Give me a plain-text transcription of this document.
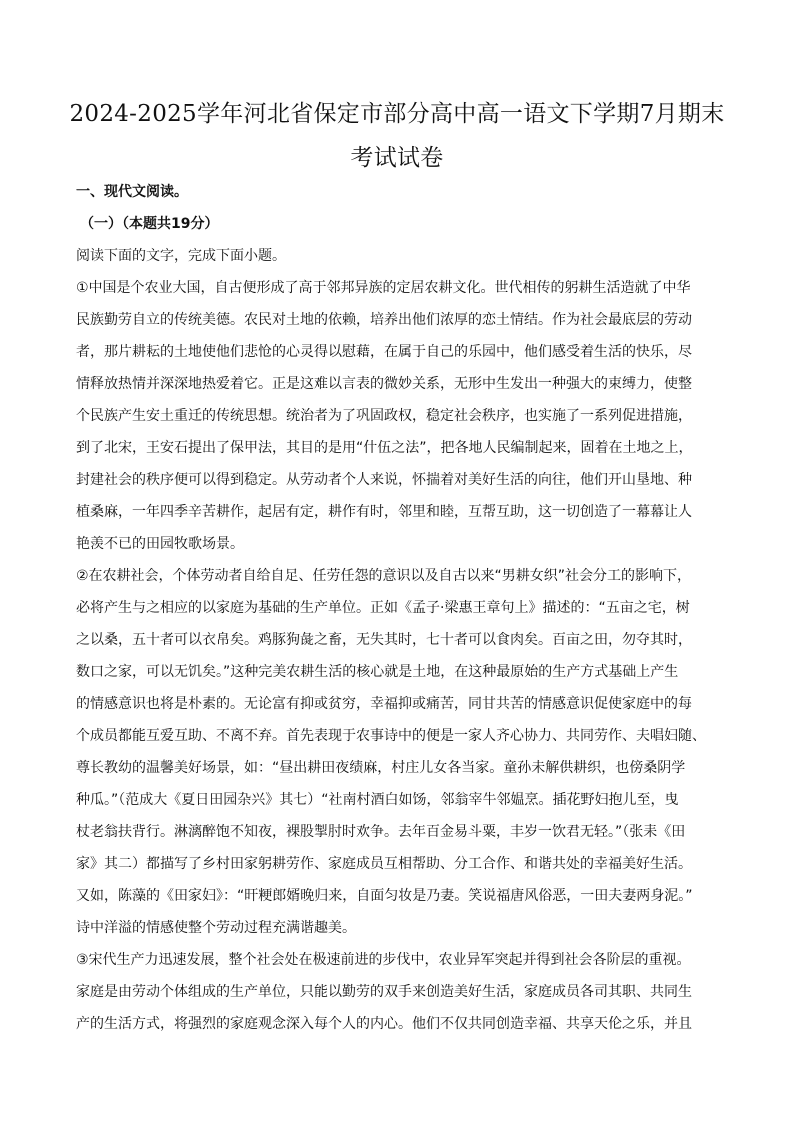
2024-2025学年河北省保定市部分高中高一语文下学期7月期末
考试试卷
一、现代文阅读。
（一）（本题共19分）
阅读下面的文字，完成下面小题。
①中国是个农业大国，自古便形成了高于邻邦异族的定居农耕文化。世代相传的躬耕生活造就了中华
民族勤劳自立的传统美德。农民对土地的依赖，培养出他们浓厚的恋土情结。作为社会最底层的劳动
者，那片耕耘的土地使他们悲怆的心灵得以慰藉，在属于自己的乐园中，他们感受着生活的快乐，尽
情释放热情并深深地热爱着它。正是这难以言表的微妙关系，无形中生发出一种强大的束缚力，使整
个民族产生安土重迁的传统思想。统治者为了巩固政权，稳定社会秩序，也实施了一系列促进措施，
到了北宋，王安石提出了保甲法，其目的是用“什伍之法”，把各地人民编制起来，固着在土地之上，
封建社会的秩序便可以得到稳定。从劳动者个人来说，怀揣着对美好生活的向往，他们开山垦地、种
植桑麻，一年四季辛苦耕作，起居有定，耕作有时，邻里和睦，互帮互助，这一切创造了一幕幕让人
艳羡不已的田园牧歌场景。
②在农耕社会，个体劳动者自给自足、任劳任怨的意识以及自古以来“男耕女织”社会分工的影响下，
必将产生与之相应的以家庭为基础的生产单位。正如《孟子·梁惠王章句上》描述的：“五亩之宅，树
之以桑，五十者可以衣帛矣。鸡豚狗彘之畜，无失其时，七十者可以食肉矣。百亩之田，勿夺其时，
数口之家，可以无饥矣。”这种完美农耕生活的核心就是土地，在这种最原始的生产方式基础上产生
的情感意识也将是朴素的。无论富有抑或贫穷，幸福抑或痛苦，同甘共苦的情感意识促使家庭中的每
个成员都能互爱互助、不离不弃。首先表现于农事诗中的便是一家人齐心协力、共同劳作、夫唱妇随、
尊长教幼的温馨美好场景，如：“昼出耕田夜绩麻，村庄儿女各当家。童孙未解供耕织，也傍桑阴学
种瓜。”（范成大《夏日田园杂兴》其七）“社南村酒白如饧，邻翁宰牛邻媪烹。插花野妇抱儿至，曳
杖老翁扶背行。淋漓醉饱不知夜，裸股掣肘时欢争。去年百金易斗粟，丰岁一饮君无轻。”（张耒《田
家》其二）都描写了乡村田家躬耕劳作、家庭成员互相帮助、分工合作、和谐共处的幸福美好生活。
又如，陈藻的《田家妇》：“旰粳郎婿晚归来，自面匀妆是乃妻。笑说福唐风俗恶，一田夫妻两身泥。”
诗中洋溢的情感使整个劳动过程充满谐趣美。
③宋代生产力迅速发展，整个社会处在极速前进的步伐中，农业异军突起并得到社会各阶层的重视。
家庭是由劳动个体组成的生产单位，只能以勤劳的双手来创造美好生活，家庭成员各司其职、共同生
产的生活方式，将强烈的家庭观念深入每个人的内心。他们不仅共同创造幸福、共享天伦之乐，并且
